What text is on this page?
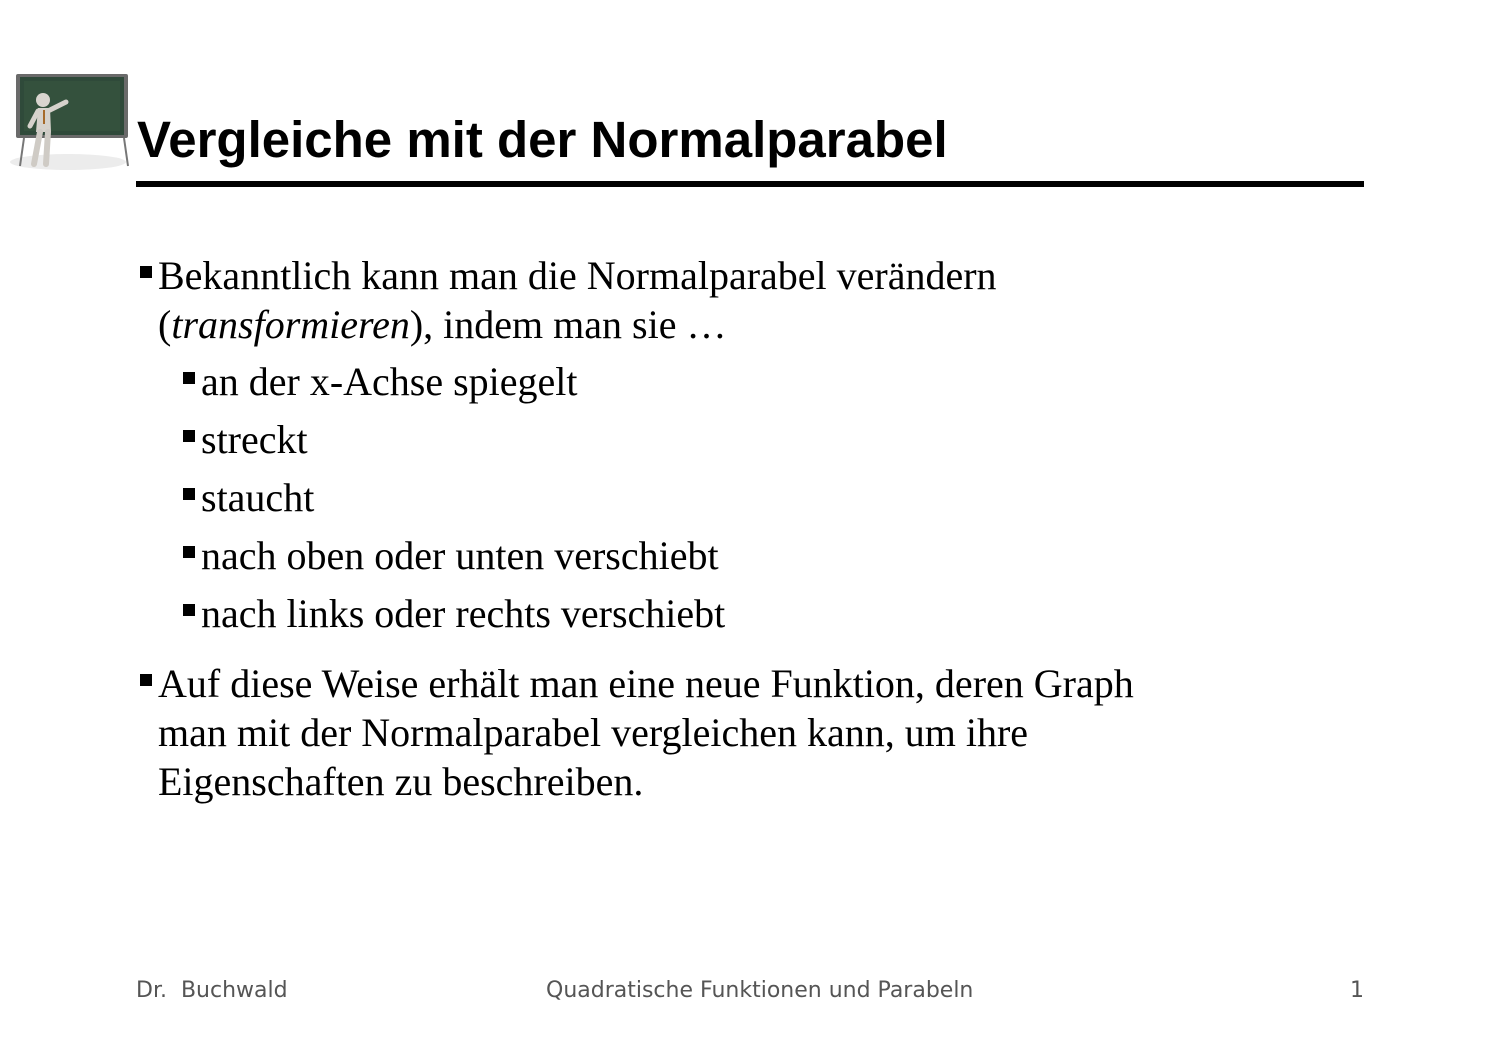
Vergleiche mit der Normalparabel
Bekanntlich kann man die Normalparabel verändern
(transformieren), indem man sie …
an der x-Achse spiegelt
streckt
staucht
nach oben oder unten verschiebt
nach links oder rechts verschiebt
Auf diese Weise erhält man eine neue Funktion, deren Graph
man mit der Normalparabel vergleichen kann, um ihre
Eigenschaften zu beschreiben.
Dr.  Buchwald	Quadratische Funktionen und Parabeln	1
